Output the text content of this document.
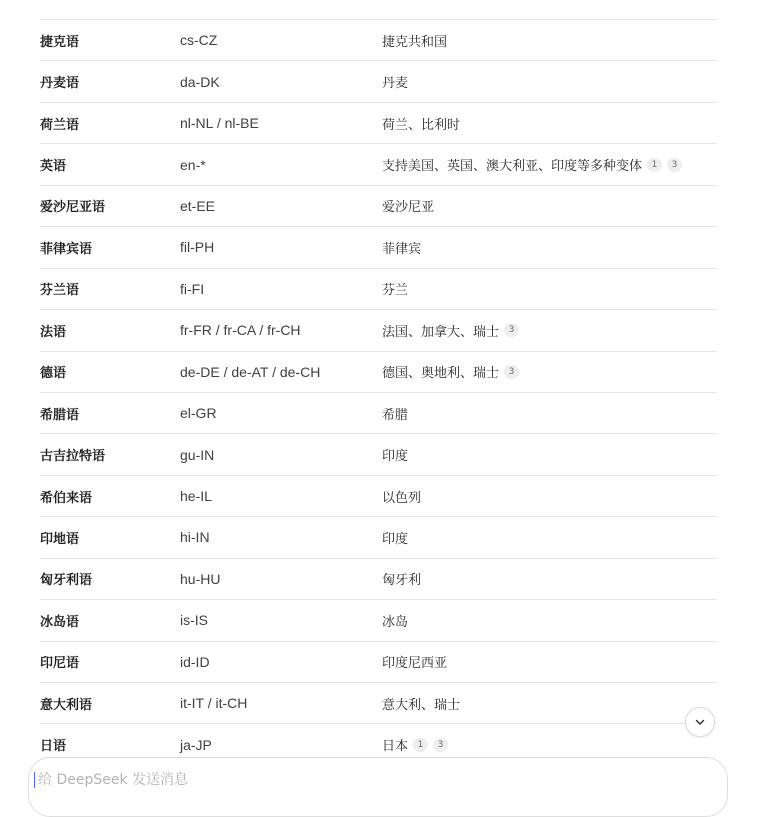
捷克语	cs-CZ	捷克共和国
丹麦语	da-DK	丹麦
荷兰语	nl-NL / nl-BE	荷兰、比利时
英语	en-*	支持美国、英国、澳大利亚、印度等多种变体	1	3
爱沙尼亚语	et-EE	爱沙尼亚
菲律宾语	fil-PH	菲律宾
芬兰语	fi-FI	芬兰
法语	fr-FR / fr-CA / fr-CH	法国、加拿大、瑞士	3
德语	de-DE / de-AT / de-CH	德国、奥地利、瑞士	3
希腊语	el-GR	希腊
古吉拉特语	gu-IN	印度
希伯来语	he-IL	以色列
印地语	hi-IN	印度
匈牙利语	hu-HU	匈牙利
冰岛语	is-IS	冰岛
印尼语	id-ID	印度尼西亚
意大利语	it-IT / it-CH	意大利、瑞士
日语	ja-JP	日本	1	3
给 DeepSeek 发送消息
